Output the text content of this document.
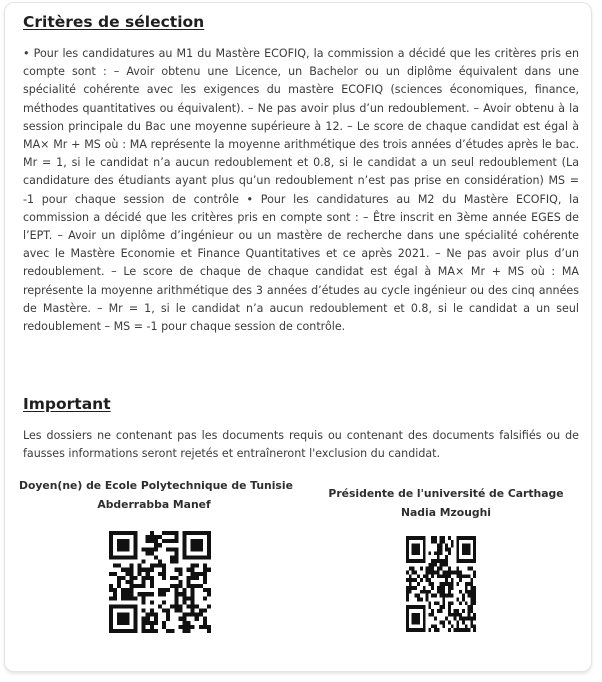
Critères de sélection

• Pour les candidatures au M1 du Mastère ECOFIQ, la commission a décidé que les critères pris en compte sont : – Avoir obtenu une Licence, un Bachelor ou un diplôme équivalent dans une spécialité cohérente avec les exigences du mastère ECOFIQ (sciences économiques, finance, méthodes quantitatives ou équivalent). – Ne pas avoir plus d’un redoublement. – Avoir obtenu à la session principale du Bac une moyenne supérieure à 12. – Le score de chaque candidat est égal à MA× Mr + MS où : MA représente la moyenne arithmétique des trois années d’études après le bac. Mr = 1, si le candidat n’a aucun redoublement et 0.8, si le candidat a un seul redoublement (La candidature des étudiants ayant plus qu’un redoublement n’est pas prise en considération) MS = -1 pour chaque session de contrôle • Pour les candidatures au M2 du Mastère ECOFIQ, la commission a décidé que les critères pris en compte sont : – Être inscrit en 3ème année EGES de l’EPT. – Avoir un diplôme d’ingénieur ou un mastère de recherche dans une spécialité cohérente avec le Mastère Economie et Finance Quantitatives et ce après 2021. – Ne pas avoir plus d’un redoublement. – Le score de chaque de chaque candidat est égal à MA× Mr + MS où : MA représente la moyenne arithmétique des 3 années d’études au cycle ingénieur ou des cinq années de Mastère. – Mr = 1, si le candidat n’a aucun redoublement et 0.8, si le candidat a un seul redoublement – MS = -1 pour chaque session de contrôle.

Important

Les dossiers ne contenant pas les documents requis ou contenant des documents falsifiés ou de fausses informations seront rejetés et entraîneront l'exclusion du candidat.

Doyen(ne) de Ecole Polytechnique de Tunisie
Abderrabba Manef
Présidente de l'université de Carthage
Nadia Mzoughi
